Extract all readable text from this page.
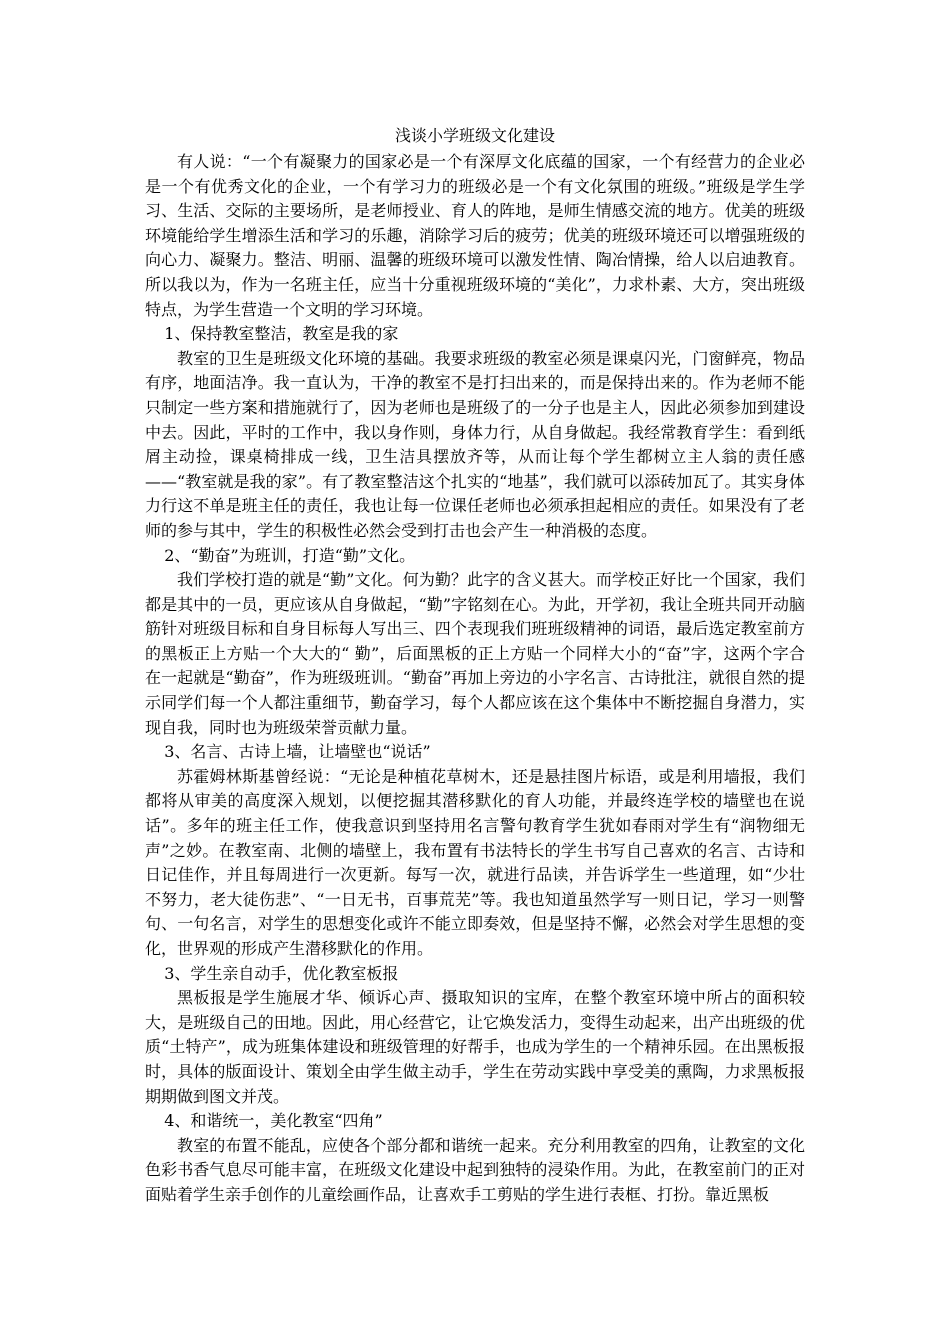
浅谈小学班级文化建设

有人说：“一个有凝聚力的国家必是一个有深厚文化底蕴的国家，一个有经营力的企业必是一个有优秀文化的企业，一个有学习力的班级必是一个有文化氛围的班级。”班级是学生学习、生活、交际的主要场所，是老师授业、育人的阵地，是师生情感交流的地方。优美的班级环境能给学生增添生活和学习的乐趣，消除学习后的疲劳；优美的班级环境还可以增强班级的向心力、凝聚力。整洁、明丽、温馨的班级环境可以激发性情、陶冶情操，给人以启迪教育。所以我以为，作为一名班主任，应当十分重视班级环境的“美化”，力求朴素、大方，突出班级特点，为学生营造一个文明的学习环境。

1、保持教室整洁，教室是我的家

教室的卫生是班级文化环境的基础。我要求班级的教室必须是课桌闪光，门窗鲜亮，物品有序，地面洁净。我一直认为，干净的教室不是打扫出来的，而是保持出来的。作为老师不能只制定一些方案和措施就行了，因为老师也是班级了的一分子也是主人，因此必须参加到建设中去。因此，平时的工作中，我以身作则，身体力行，从自身做起。我经常教育学生：看到纸屑主动捡，课桌椅排成一线，卫生洁具摆放齐等，从而让每个学生都树立主人翁的责任感——“教室就是我的家”。有了教室整洁这个扎实的“地基”，我们就可以添砖加瓦了。其实身体力行这不单是班主任的责任，我也让每一位课任老师也必须承担起相应的责任。如果没有了老师的参与其中，学生的积极性必然会受到打击也会产生一种消极的态度。

2、“勤奋”为班训，打造“勤”文化。

我们学校打造的就是“勤”文化。何为勤？此字的含义甚大。而学校正好比一个国家，我们都是其中的一员，更应该从自身做起，“勤”字铭刻在心。为此，开学初，我让全班共同开动脑筋针对班级目标和自身目标每人写出三、四个表现我们班班级精神的词语，最后选定教室前方的黑板正上方贴一个大大的“ 勤”，后面黑板的正上方贴一个同样大小的“奋”字，这两个字合在一起就是“勤奋”，作为班级班训。“勤奋”再加上旁边的小字名言、古诗批注，就很自然的提示同学们每一个人都注重细节，勤奋学习，每个人都应该在这个集体中不断挖掘自身潜力，实现自我，同时也为班级荣誉贡献力量。

3、名言、古诗上墙，让墙壁也“说话”

苏霍姆林斯基曾经说：“无论是种植花草树木，还是悬挂图片标语，或是利用墙报，我们都将从审美的高度深入规划，以便挖掘其潜移默化的育人功能，并最终连学校的墙壁也在说话”。多年的班主任工作，使我意识到坚持用名言警句教育学生犹如春雨对学生有“润物细无声”之妙。在教室南、北侧的墙壁上，我布置有书法特长的学生书写自己喜欢的名言、古诗和日记佳作，并且每周进行一次更新。每写一次，就进行品读，并告诉学生一些道理，如“少壮不努力，老大徒伤悲”、“一日无书，百事荒芜”等。我也知道虽然学写一则日记，学习一则警句、一句名言，对学生的思想变化或许不能立即奏效，但是坚持不懈，必然会对学生思想的变化，世界观的形成产生潜移默化的作用。

3、学生亲自动手，优化教室板报

黑板报是学生施展才华、倾诉心声、摄取知识的宝库，在整个教室环境中所占的面积较大，是班级自己的田地。因此，用心经营它，让它焕发活力，变得生动起来，出产出班级的优质“土特产”，成为班集体建设和班级管理的好帮手，也成为学生的一个精神乐园。在出黑板报时，具体的版面设计、策划全由学生做主动手，学生在劳动实践中享受美的熏陶，力求黑板报期期做到图文并茂。

4、和谐统一，美化教室“四角”

教室的布置不能乱，应使各个部分都和谐统一起来。充分利用教室的四角，让教室的文化色彩书香气息尽可能丰富，在班级文化建设中起到独特的浸染作用。为此，在教室前门的正对面贴着学生亲手创作的儿童绘画作品，让喜欢手工剪贴的学生进行表框、打扮。靠近黑板
